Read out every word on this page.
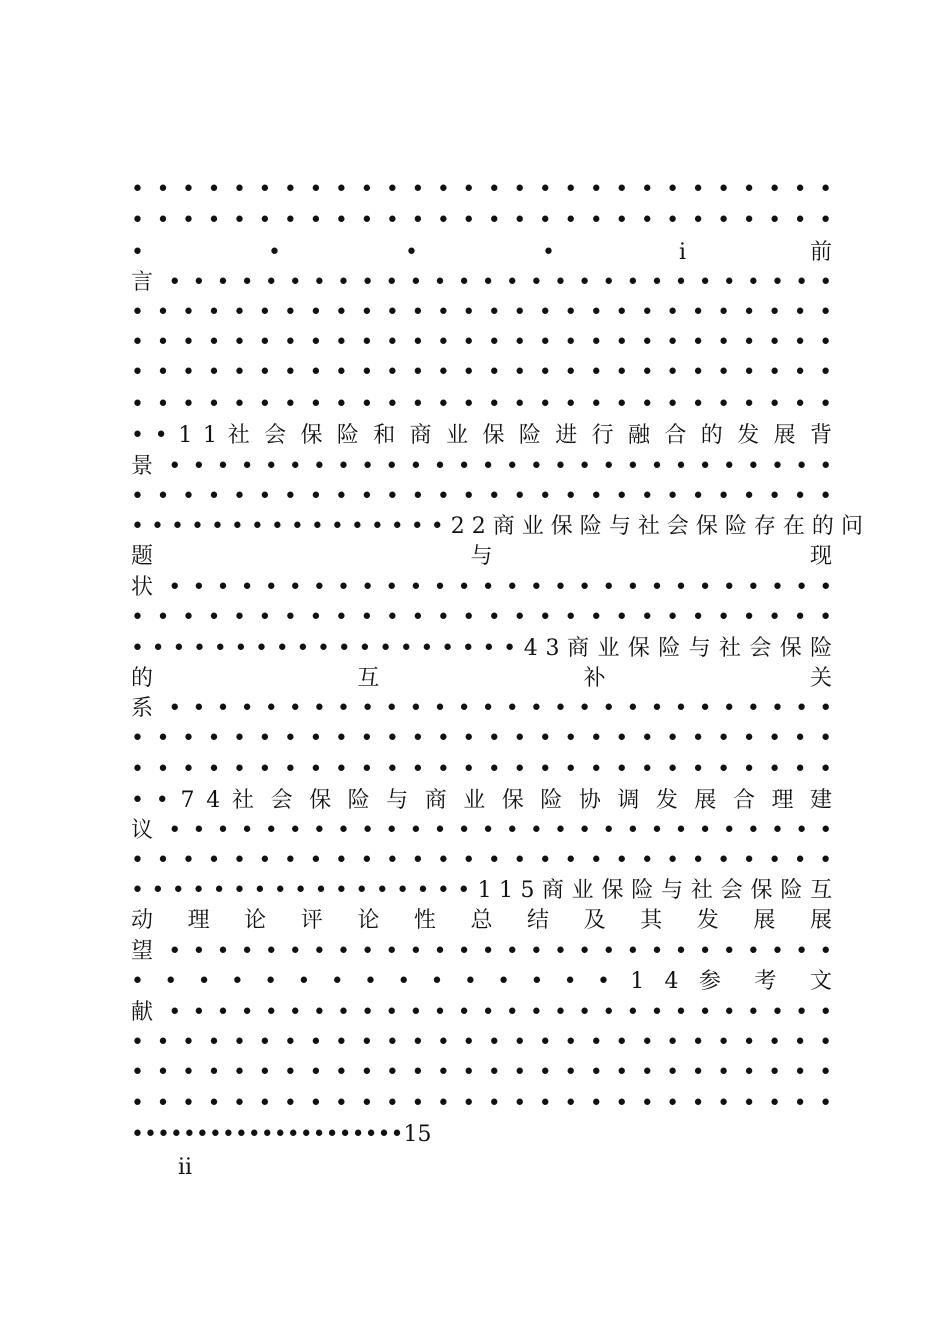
• • • • • • • • • • • • • • • • • • • • • • • • • • • •
• • • • • • • • • • • • • • • • • • • • • • • • • • • •
•	•	•	•	i	前
言 • • • • • • • • • • • • • • • • • • • • • • • • • • • •
• • • • • • • • • • • • • • • • • • • • • • • • • • • •
• • • • • • • • • • • • • • • • • • • • • • • • • • • •
• • • • • • • • • • • • • • • • • • • • • • • • • • • •
• • • • • • • • • • • • • • • • • • • • • • • • • • • •
• • 1 1 社 会 保 险 和 商 业 保 险 进 行 融 合 的 发 展 背
景 • • • • • • • • • • • • • • • • • • • • • • • • • • • •
• • • • • • • • • • • • • • • • • • • • • • • • • • • •
• • • • • • • • • • • • • • • • 2 2 商 业 保 险 与 社 会 保 险 存 在 的 问
题	与	现
状 • • • • • • • • • • • • • • • • • • • • • • • • • • • •
• • • • • • • • • • • • • • • • • • • • • • • • • • • •
• • • • • • • • • • • • • • • • • • • 4 3 商 业 保 险 与 社 会 保 险
的	互	补	关
系 • • • • • • • • • • • • • • • • • • • • • • • • • • • •
• • • • • • • • • • • • • • • • • • • • • • • • • • • •
• • • • • • • • • • • • • • • • • • • • • • • • • • • •
• • 7 4 社 会 保 险 与 商 业 保 险 协 调 发 展 合 理 建
议 • • • • • • • • • • • • • • • • • • • • • • • • • • • •
• • • • • • • • • • • • • • • • • • • • • • • • • • • •
• • • • • • • • • • • • • • • • • 1 1 5 商 业 保 险 与 社 会 保 险 互
动 理 论 评 论 性 总 结 及 其 发 展 展
望 • • • • • • • • • • • • • • • • • • • • • • • • • • • •
• • • • • • • • • • • • • • • 1 4 参 考 文
献 • • • • • • • • • • • • • • • • • • • • • • • • • • • •
• • • • • • • • • • • • • • • • • • • • • • • • • • • •
• • • • • • • • • • • • • • • • • • • • • • • • • • • •
• • • • • • • • • • • • • • • • • • • • • • • • • • • •
•••••••••••••••••••••15
ii
